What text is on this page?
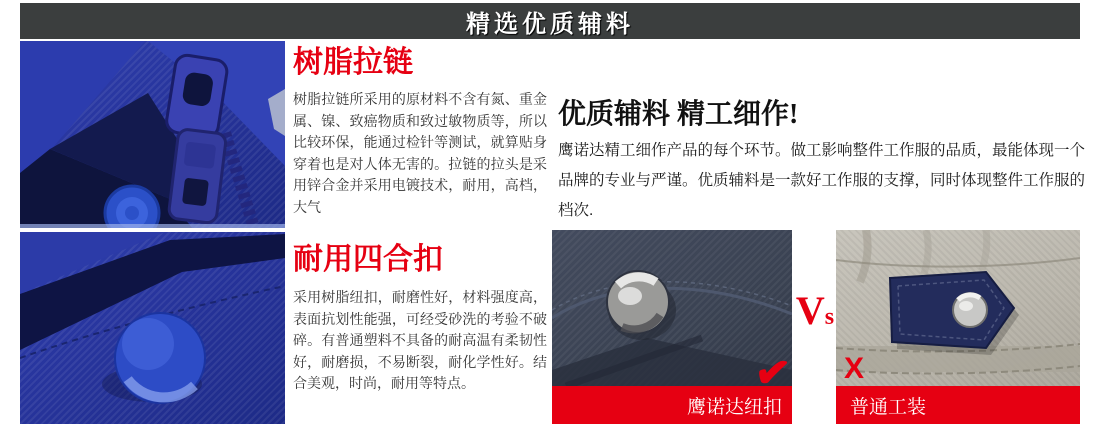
精选优质辅料
树脂拉链

树脂拉链所采用的原材料不含有氮、重金属、镍、致癌物质和致过敏物质等，所以比较环保，能通过检针等测试，就算贴身穿着也是对人体无害的。拉链的拉头是采用锌合金并采用电镀技术，耐用，高档，大气

耐用四合扣

采用树脂纽扣，耐磨性好，材料强度高，表面抗划性能强，可经受砂洗的考验不破碎。有普通塑料不具备的耐高温有柔韧性好，耐磨损，不易断裂，耐化学性好。结合美观，时尚，耐用等特点。

优质辅料 精工细作!

鹰诺达精工细作产品的每个环节。做工影响整件工作服的品质，最能体现一个品牌的专业与严谨。优质辅料是一款好工作服的支撑，同时体现整件工作服的档次.

✔
鹰诺达纽扣
Vs
X
普通工装
